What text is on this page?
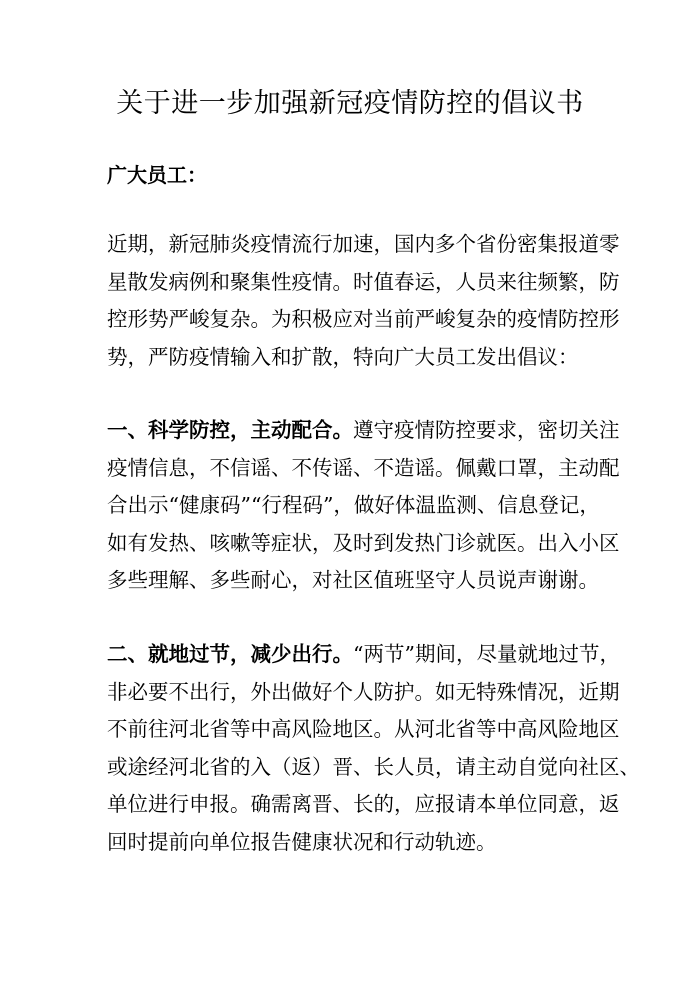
关于进一步加强新冠疫情防控的倡议书

广大员工：

近期，新冠肺炎疫情流行加速，国内多个省份密集报道零
星散发病例和聚集性疫情。时值春运，人员来往频繁，防
控形势严峻复杂。为积极应对当前严峻复杂的疫情防控形
势，严防疫情输入和扩散，特向广大员工发出倡议：
一、科学防控，主动配合。遵守疫情防控要求，密切关注
疫情信息，不信谣、不传谣、不造谣。佩戴口罩，主动配
合出示“健康码”“行程码”，做好体温监测、信息登记，
如有发热、咳嗽等症状，及时到发热门诊就医。出入小区
多些理解、多些耐心，对社区值班坚守人员说声谢谢。
二、就地过节，减少出行。“两节”期间，尽量就地过节，
非必要不出行，外出做好个人防护。如无特殊情况，近期
不前往河北省等中高风险地区。从河北省等中高风险地区
或途经河北省的入（返）晋、长人员，请主动自觉向社区、
单位进行申报。确需离晋、长的，应报请本单位同意，返
回时提前向单位报告健康状况和行动轨迹。
